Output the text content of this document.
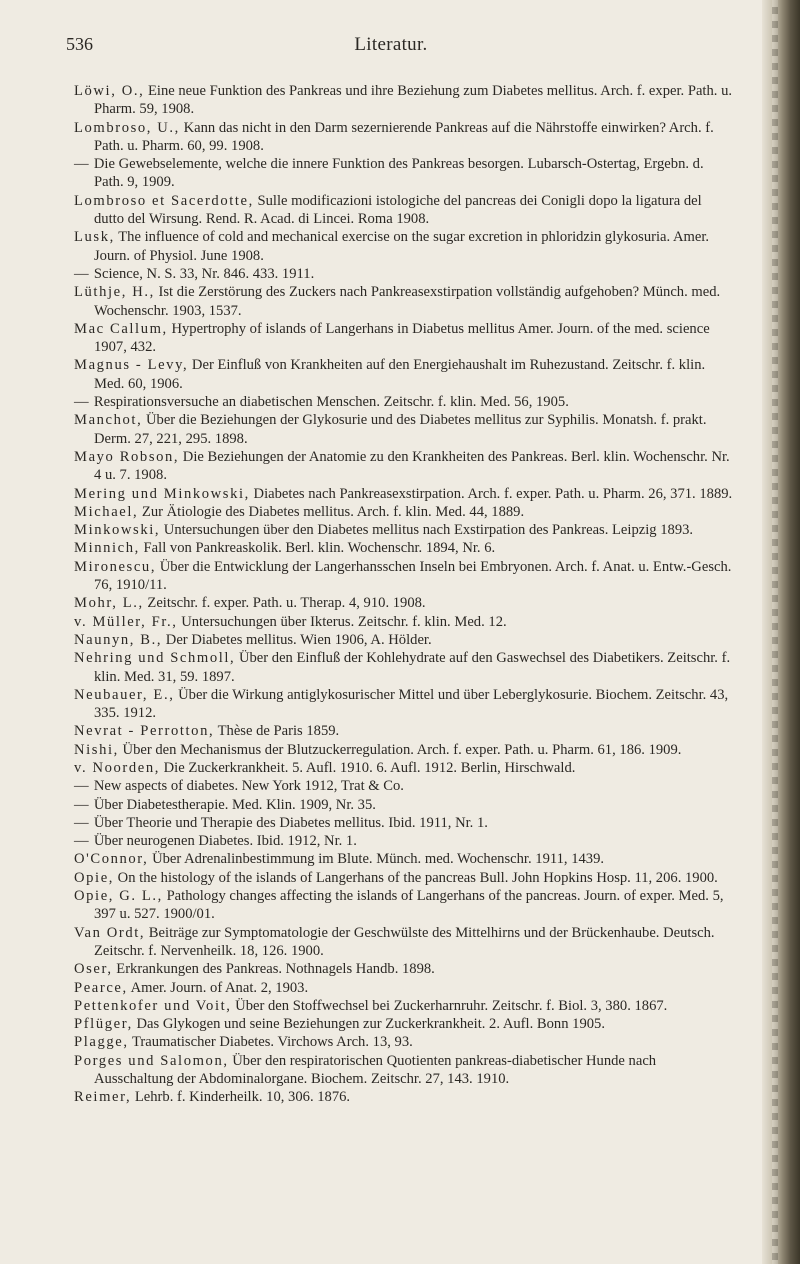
536	Literatur.

Löwi, O., Eine neue Funktion des Pankreas und ihre Beziehung zum Diabetes mellitus. Arch. f. exper. Path. u. Pharm. 59, 1908.

Lombroso, U., Kann das nicht in den Darm sezernierende Pankreas auf die Nährstoffe einwirken? Arch. f. Path. u. Pharm. 60, 99. 1908.

— Die Gewebselemente, welche die innere Funktion des Pankreas besorgen. Lubarsch-Ostertag, Ergebn. d. Path. 9, 1909.

Lombroso et Sacerdotte, Sulle modificazioni istologiche del pancreas dei Conigli dopo la ligatura del dutto del Wirsung. Rend. R. Acad. di Lincei. Roma 1908.

Lusk, The influence of cold and mechanical exercise on the sugar excretion in phloridzin glykosuria. Amer. Journ. of Physiol. June 1908.

— Science, N. S. 33, Nr. 846. 433. 1911.

Lüthje, H., Ist die Zerstörung des Zuckers nach Pankreasexstirpation vollständig aufgehoben? Münch. med. Wochenschr. 1903, 1537.

Mac Callum, Hypertrophy of islands of Langerhans in Diabetus mellitus Amer. Journ. of the med. science 1907, 432.

Magnus - Levy, Der Einfluß von Krankheiten auf den Energiehaushalt im Ruhezustand. Zeitschr. f. klin. Med. 60, 1906.

— Respirationsversuche an diabetischen Menschen. Zeitschr. f. klin. Med. 56, 1905.

Manchot, Über die Beziehungen der Glykosurie und des Diabetes mellitus zur Syphilis. Monatsh. f. prakt. Derm. 27, 221, 295. 1898.

Mayo Robson, Die Beziehungen der Anatomie zu den Krankheiten des Pankreas. Berl. klin. Wochenschr. Nr. 4 u. 7. 1908.

Mering und Minkowski, Diabetes nach Pankreasexstirpation. Arch. f. exper. Path. u. Pharm. 26, 371. 1889.

Michael, Zur Ätiologie des Diabetes mellitus. Arch. f. klin. Med. 44, 1889.

Minkowski, Untersuchungen über den Diabetes mellitus nach Exstirpation des Pankreas. Leipzig 1893.

Minnich, Fall von Pankreaskolik. Berl. klin. Wochenschr. 1894, Nr. 6.

Mironescu, Über die Entwicklung der Langerhansschen Inseln bei Embryonen. Arch. f. Anat. u. Entw.-Gesch. 76, 1910/11.

Mohr, L., Zeitschr. f. exper. Path. u. Therap. 4, 910. 1908.

v. Müller, Fr., Untersuchungen über Ikterus. Zeitschr. f. klin. Med. 12.

Naunyn, B., Der Diabetes mellitus. Wien 1906, A. Hölder.

Nehring und Schmoll, Über den Einfluß der Kohlehydrate auf den Gaswechsel des Diabetikers. Zeitschr. f. klin. Med. 31, 59. 1897.

Neubauer, E., Über die Wirkung antiglykosurischer Mittel und über Leberglykosurie. Biochem. Zeitschr. 43, 335. 1912.

Nevrat - Perrotton, Thèse de Paris 1859.

Nishi, Über den Mechanismus der Blutzuckerregulation. Arch. f. exper. Path. u. Pharm. 61, 186. 1909.

v. Noorden, Die Zuckerkrankheit. 5. Aufl. 1910. 6. Aufl. 1912. Berlin, Hirschwald.

— New aspects of diabetes. New York 1912, Trat & Co.

— Über Diabetestherapie. Med. Klin. 1909, Nr. 35.

— Über Theorie und Therapie des Diabetes mellitus. Ibid. 1911, Nr. 1.

— Über neurogenen Diabetes. Ibid. 1912, Nr. 1.

O'Connor, Über Adrenalinbestimmung im Blute. Münch. med. Wochenschr. 1911, 1439.

Opie, On the histology of the islands of Langerhans of the pancreas Bull. John Hopkins Hosp. 11, 206. 1900.

Opie, G. L., Pathology changes affecting the islands of Langerhans of the pancreas. Journ. of exper. Med. 5, 397 u. 527. 1900/01.

Van Ordt, Beiträge zur Symptomatologie der Geschwülste des Mittelhirns und der Brückenhaube. Deutsch. Zeitschr. f. Nervenheilk. 18, 126. 1900.

Oser, Erkrankungen des Pankreas. Nothnagels Handb. 1898.

Pearce, Amer. Journ. of Anat. 2, 1903.

Pettenkofer und Voit, Über den Stoffwechsel bei Zuckerharnruhr. Zeitschr. f. Biol. 3, 380. 1867.

Pflüger, Das Glykogen und seine Beziehungen zur Zuckerkrankheit. 2. Aufl. Bonn 1905.

Plagge, Traumatischer Diabetes. Virchows Arch. 13, 93.

Porges und Salomon, Über den respiratorischen Quotienten pankreas-diabetischer Hunde nach Ausschaltung der Abdominalorgane. Biochem. Zeitschr. 27, 143. 1910.

Reimer, Lehrb. f. Kinderheilk. 10, 306. 1876.
